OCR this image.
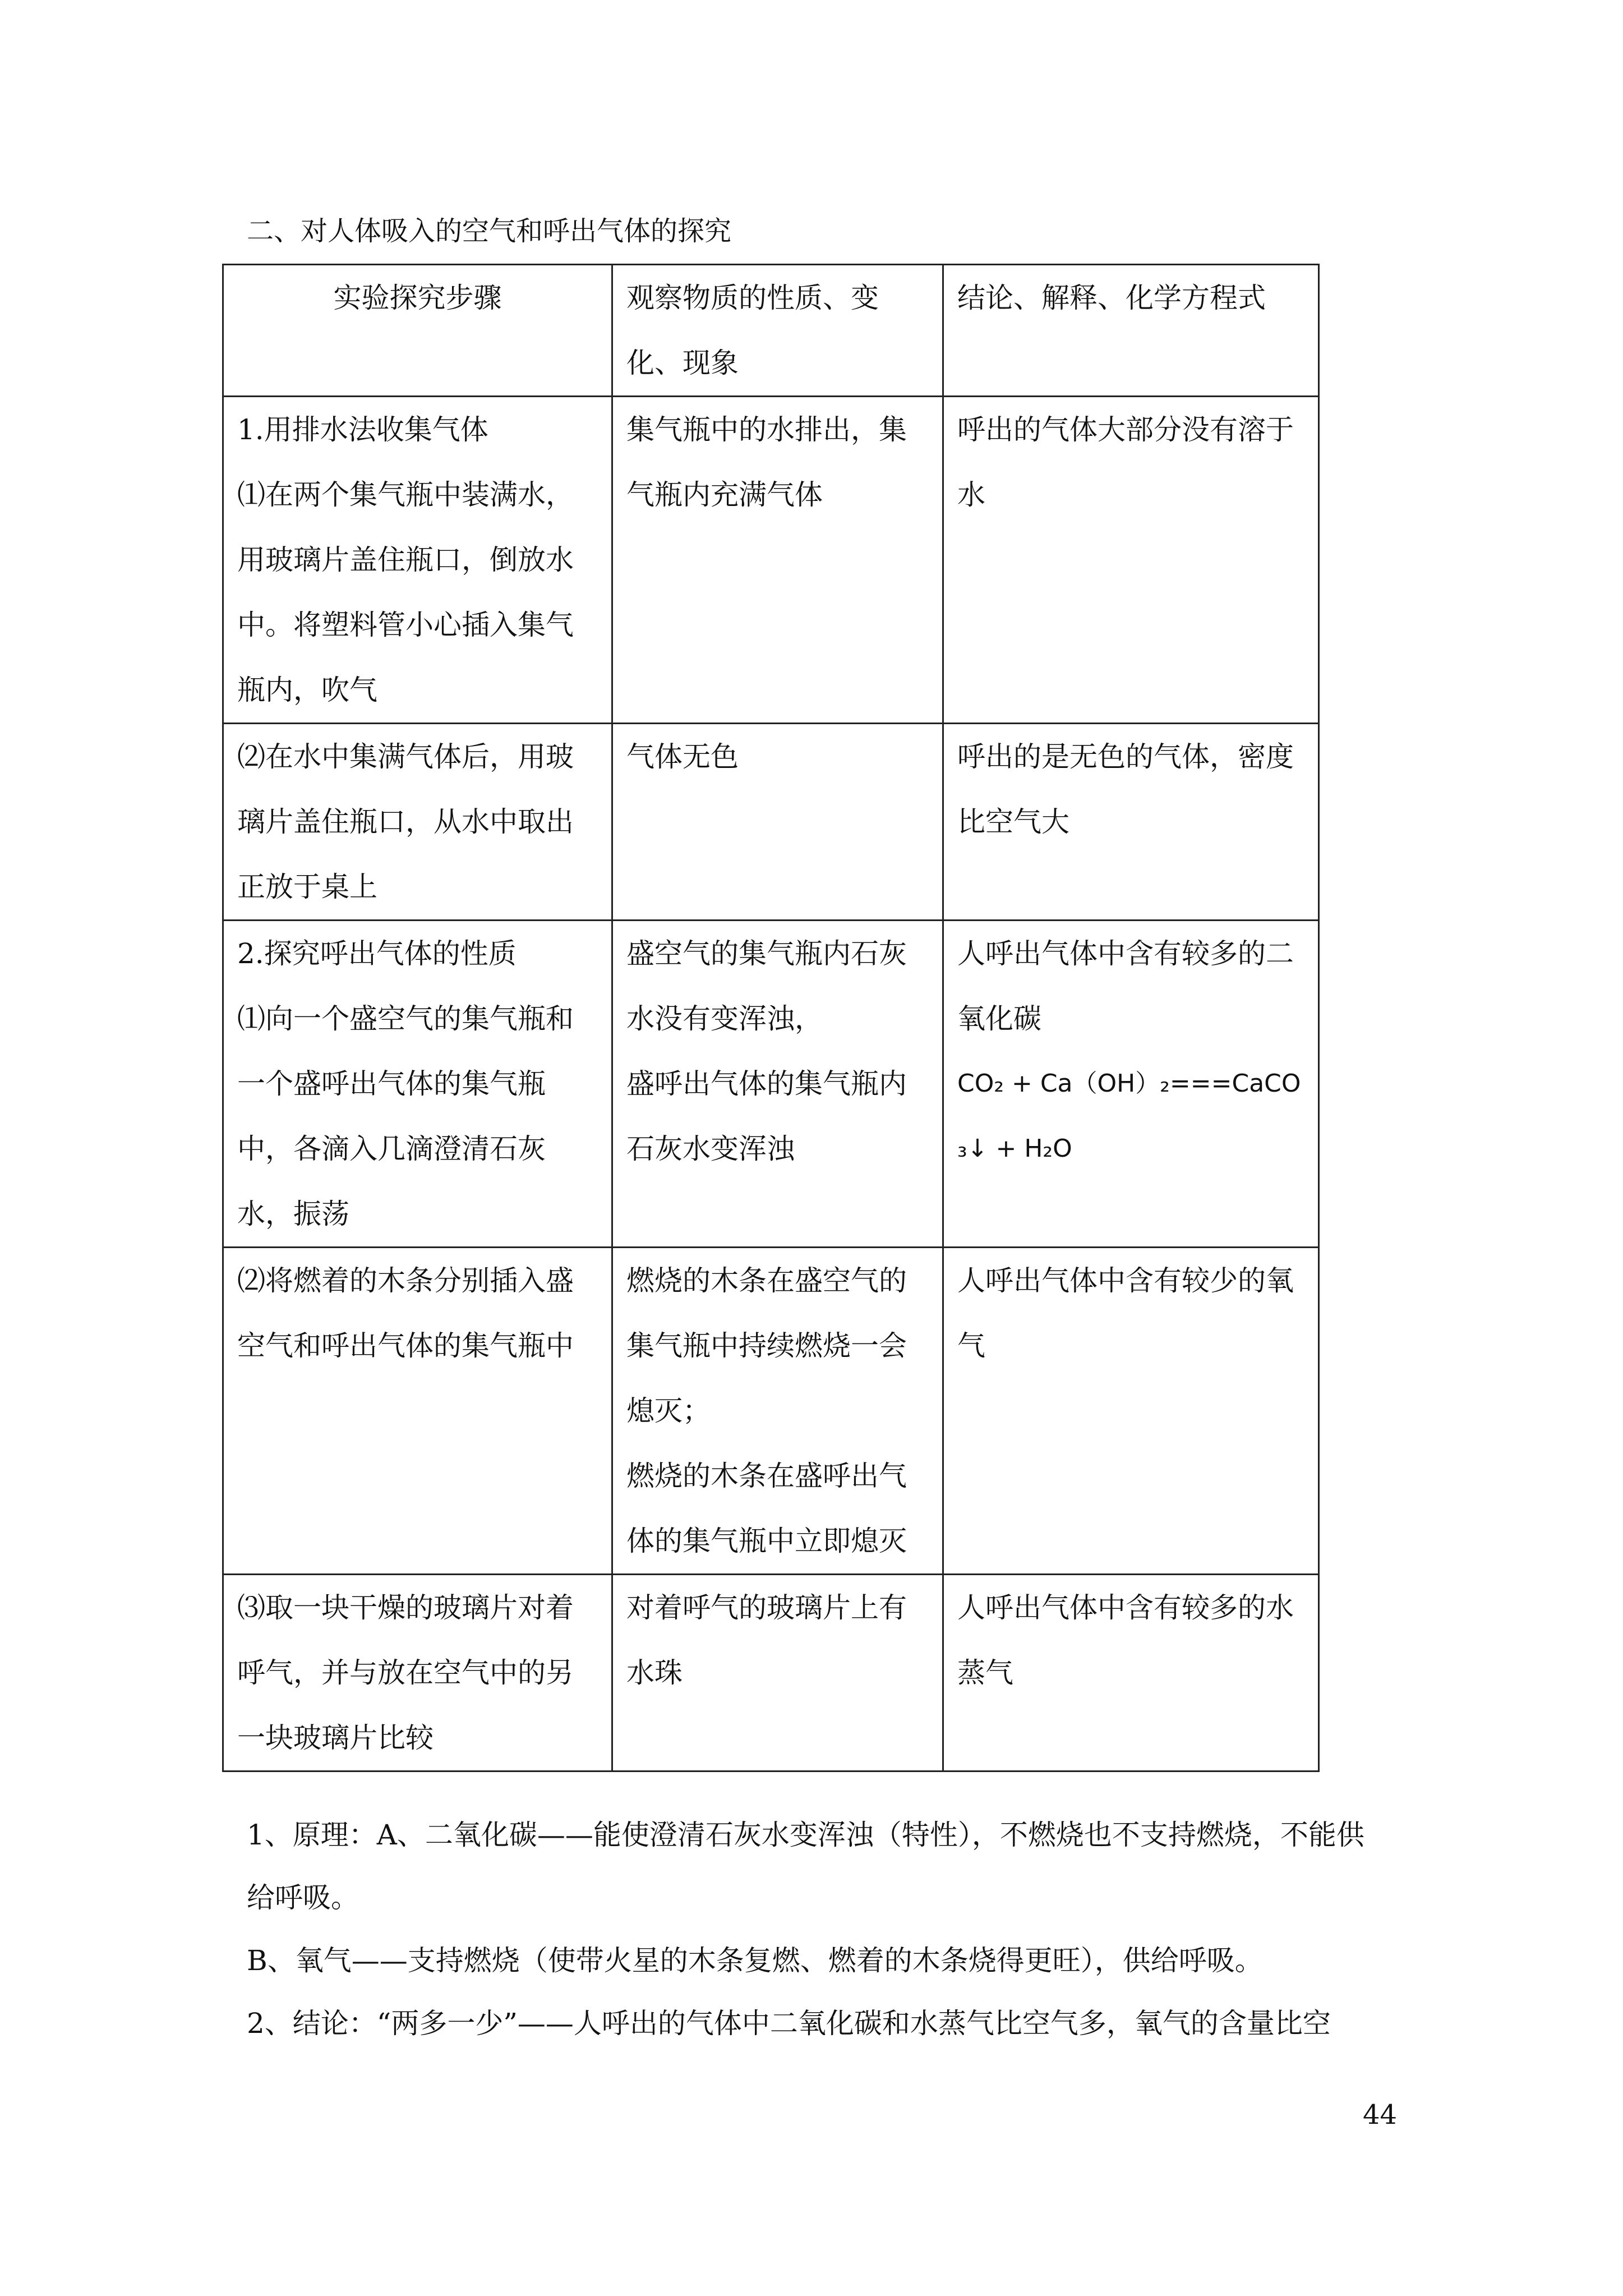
二、对人体吸入的空气和呼出气体的探究
实验探究步骤	观察物质的性质、变化、现象	结论、解释、化学方程式

1.用排水法收集气体
⑴在两个集气瓶中装满水，用玻璃片盖住瓶口，倒放水中。将塑料管小心插入集气瓶内，吹气	集气瓶中的水排出，集气瓶内充满气体	呼出的气体大部分没有溶于水

⑵在水中集满气体后，用玻璃片盖住瓶口，从水中取出正放于桌上	气体无色	呼出的是无色的气体，密度比空气大

2.探究呼出气体的性质
⑴向一个盛空气的集气瓶和一个盛呼出气体的集气瓶中，各滴入几滴澄清石灰水，振荡	盛空气的集气瓶内石灰水没有变浑浊，
盛呼出气体的集气瓶内石灰水变浑浊	人呼出气体中含有较多的二氧化碳
CO₂ + Ca（OH）₂===CaCO₃↓ + H₂O

⑵将燃着的木条分别插入盛空气和呼出气体的集气瓶中	燃烧的木条在盛空气的集气瓶中持续燃烧一会熄灭；
燃烧的木条在盛呼出气体的集气瓶中立即熄灭	人呼出气体中含有较少的氧气

⑶取一块干燥的玻璃片对着呼气，并与放在空气中的另一块玻璃片比较	对着呼气的玻璃片上有水珠	人呼出气体中含有较多的水蒸气

1、原理：A、二氧化碳——能使澄清石灰水变浑浊（特性），不燃烧也不支持燃烧，不能供给呼吸。

B、氧气——支持燃烧（使带火星的木条复燃、燃着的木条烧得更旺），供给呼吸。

2、结论：“两多一少”——人呼出的气体中二氧化碳和水蒸气比空气多，氧气的含量比空

44
